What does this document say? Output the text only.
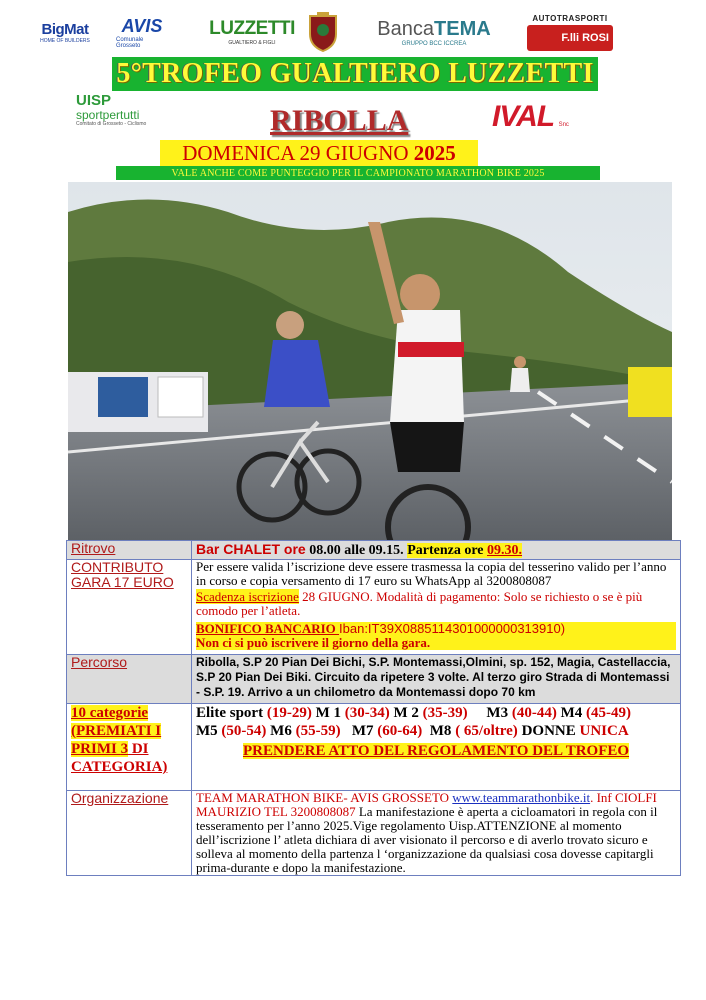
BigMat
HOME OF BUILDERS
AVIS
Comunale Grosseto
LUZZETTI
GUALTIERO & FIGLI
BancaTEMA
GRUPPO BCC ICCREA
AUTOTRASPORTI
F.lli ROSI
5°TROFEO GUALTIERO LUZZETTI
UISP
sportpertutti
Comitato di Grosseto - Ciclismo	RIBOLLA	IVAL Snc
DOMENICA 29 GIUGNO 2025
VALE ANCHE COME PUNTEGGIO PER IL CAMPIONATO MARATHON BIKE 2025
Ritrovo	Bar CHALET ore 08.00 alle 09.15. Partenza ore 09.30.
CONTRIBUTO GARA 17 EURO	Per essere valida l’iscrizione deve essere trasmessa la copia del tesserino valido per l’anno in corso e copia versamento di 17 euro su WhatsApp al 3200808087
Scadenza iscrizione 28 GIUGNO. Modalità di pagamento: Solo se richiesto o se è più comodo per l’atleta.
BONIFICO BANCARIO Iban:IT39X0885114301000000313910)
Non ci si può iscrivere il giorno della gara.

Percorso	Ribolla, S.P 20 Pian Dei Bichi, S.P. Montemassi,Olmini, sp. 152, Magia, Castellaccia, S.P 20 Pian Dei Biki. Circuito da ripetere 3 volte. Al terzo giro Strada di Montemassi - S.P. 19. Arrivo a un chilometro da Montemassi dopo 70 km
10 categorie (PREMIATI I PRIMI 3 DI CATEGORIA)	Elite sport (19-29) M 1 (30-34) M 2 (35-39)     M3 (40-44) M4 (45-49)
M5 (50-54) M6 (55-59)   M7 (60-64)  M8 ( 65/oltre) DONNE UNICA
PRENDERE ATTO DEL REGOLAMENTO DEL TROFEO

Organizzazione	TEAM MARATHON BIKE- AVIS GROSSETO www.teammarathonbike.it. Inf CIOLFI MAURIZIO TEL 3200808087 La manifestazione è aperta a cicloamatori in regola con il tesseramento per l’anno 2025.Vige regolamento Uisp.ATTENZIONE al momento dell’iscrizione l’ atleta dichiara di aver visionato il percorso e di averlo trovato sicuro e solleva al momento della partenza l ‘organizzazione da qualsiasi cosa dovesse capitargli prima-durante e dopo la manifestazione.
